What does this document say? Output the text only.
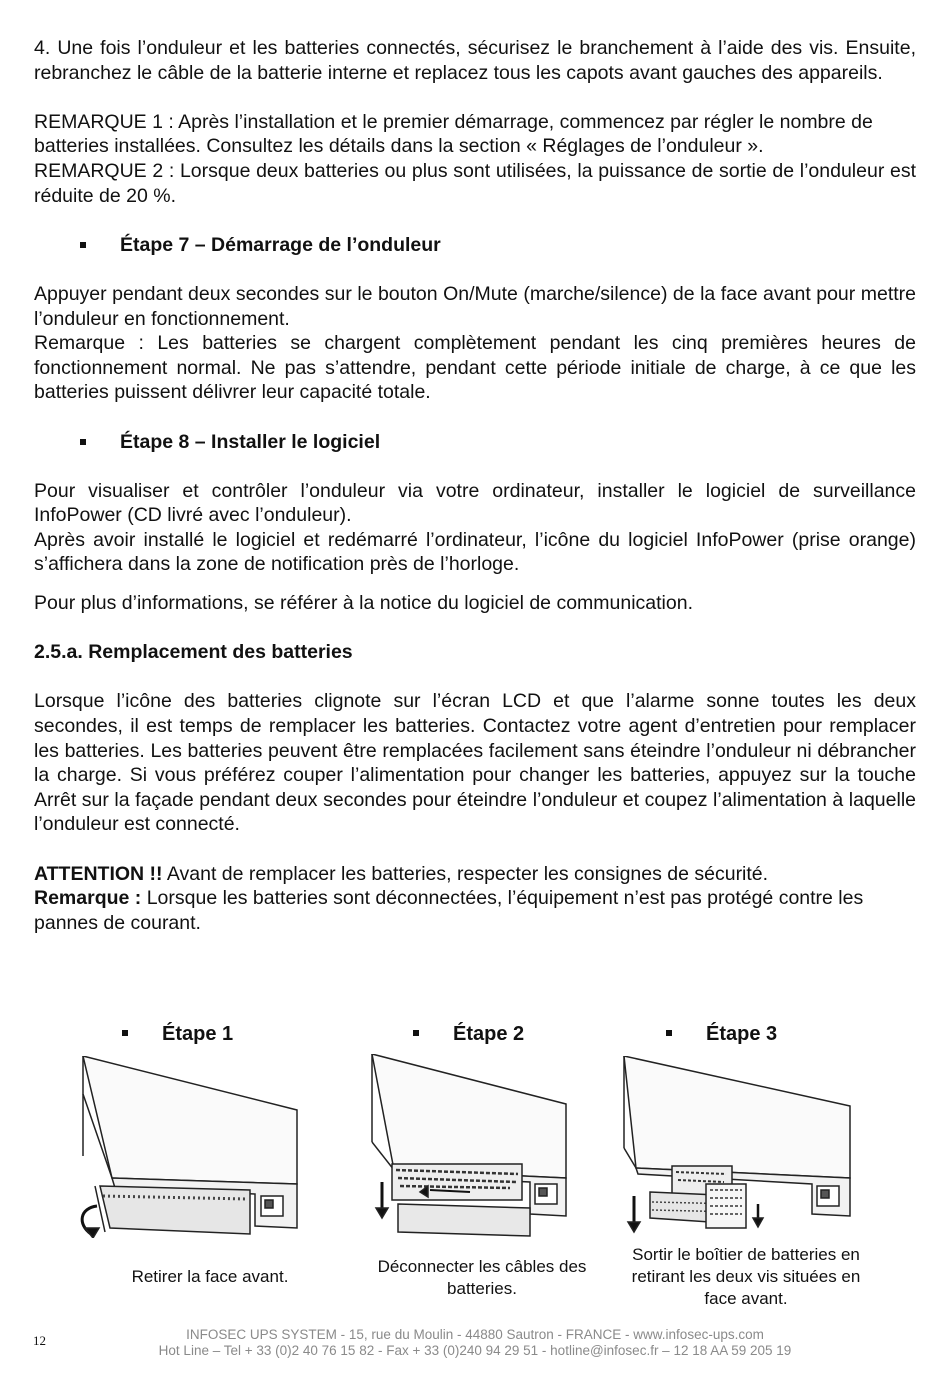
4. Une fois l’onduleur et les batteries connectés, sécurisez le branchement à l’aide des vis. Ensuite, rebranchez le câble de la batterie interne et replacez tous les capots avant gauches des appareils.

REMARQUE 1 : Après l’installation et le premier démarrage, commencez par régler le nombre de batteries installées. Consultez les détails dans la section « Réglages de l’onduleur ».

REMARQUE 2 : Lorsque deux batteries ou plus sont utilisées, la puissance de sortie de l’onduleur est réduite de 20 %.

Étape 7 – Démarrage de l’onduleur

Appuyer pendant deux secondes sur le bouton On/Mute (marche/silence) de la face avant pour mettre l’onduleur en fonctionnement.

Remarque : Les batteries se chargent complètement pendant les cinq premières heures de fonctionnement normal. Ne pas s’attendre, pendant cette période initiale de charge, à ce que les batteries puissent délivrer leur capacité totale.

Étape 8 – Installer le logiciel

Pour visualiser et contrôler l’onduleur via votre ordinateur, installer le logiciel de surveillance InfoPower (CD livré avec l’onduleur).

Après avoir installé le logiciel et redémarré l’ordinateur, l’icône du logiciel InfoPower (prise orange) s’affichera dans la zone de notification près de l’horloge.

Pour plus d’informations, se référer à la notice du logiciel de communication.

2.5.a. Remplacement des batteries

Lorsque l’icône des batteries clignote sur l’écran LCD et que l’alarme sonne toutes les deux secondes, il est temps de remplacer les batteries. Contactez votre agent d’entretien pour remplacer les batteries. Les batteries peuvent être remplacées facilement sans éteindre l’onduleur ni débrancher la charge. Si vous préférez couper l’alimentation pour changer les batteries, appuyez sur la touche Arrêt sur la façade pendant deux secondes pour éteindre l’onduleur et coupez l’alimentation à laquelle l’onduleur est connecté.

ATTENTION !! Avant de remplacer les batteries, respecter les consignes de sécurité.

Remarque : Lorsque les batteries sont déconnectées, l’équipement n’est pas protégé contre les pannes de courant.

Étape 1
Retirer la face avant.
Étape 2
Déconnecter les câbles des batteries.
Étape 3
Sortir le boîtier de batteries en retirant les deux vis situées en face avant.
12	INFOSEC UPS SYSTEM - 15, rue du Moulin - 44880 Sautron - FRANCE - www.infosec-ups.com
Hot Line – Tel + 33 (0)2 40 76 15 82 - Fax + 33 (0)240 94 29 51 - hotline@infosec.fr – 12 18 AA 59 205 19
